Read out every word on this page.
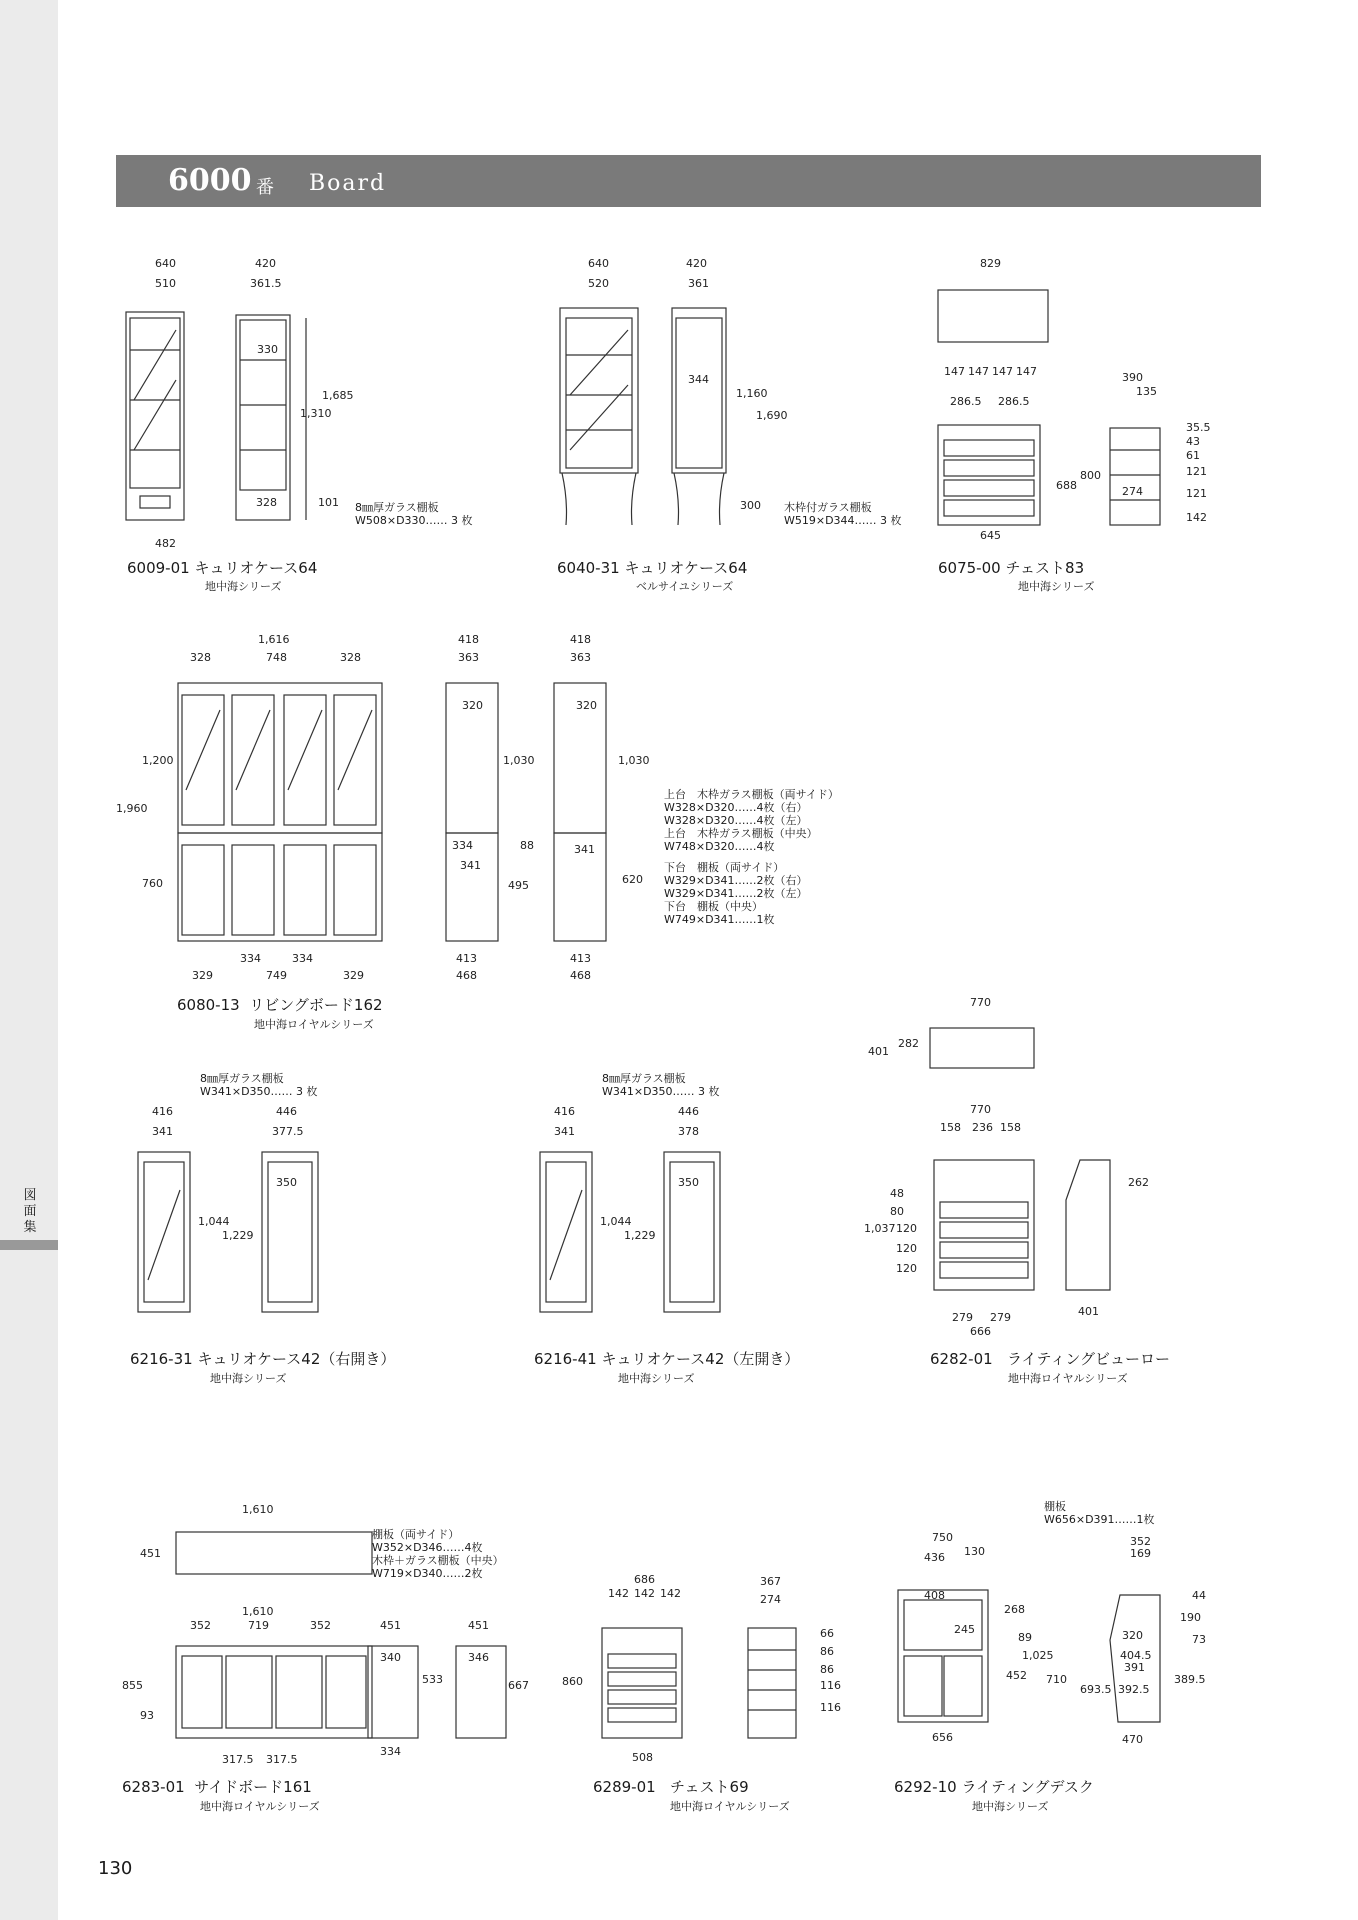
図面集
6000 番 Board
640
510
420
361.5
330
1,685
1,310
328	101
482
640
520
420
361
344
1,160
1,690
300
829
147 147 147 147
286.5 286.5
390
135
35.5
43
61
121
121
142
688
800
274
645
1,616
328	748	328
1,200
1,960
760
334	334
329	749	329
418
363
320
1,030
334	88
341
495
413
468
418
363
320
1,030
341
620
413
468
416
341
446
377.5
350
1,044
1,229
416
341
446
378
350
1,044
1,229
770
401
282
770
158 236 158
262
48
80
1,037 120
120
120
279 279
666
401
1,610
451
1,610
352	719	352
855
93
317.5 317.5
451
340
533
334
451
346
667
686
142 142 142
860
508
367
274
66
86
86
116
116
750
436 130
408
268
245
89
1,025
452
656
352
169
44
190
320	73
404.5
391
710
693.5 392.5
389.5
470
8㎜厚ガラス棚板
W508×D330…… 3 枚
木枠付ガラス棚板
W519×D344…… 3 枚
上台　木枠ガラス棚板（両サイド）
W328×D320……4枚（右）
W328×D320……4枚（左）
上台　木枠ガラス棚板（中央）
W748×D320……4枚
下台　棚板（両サイド）
W329×D341……2枚（右）
W329×D341……2枚（左）
下台　棚板（中央）
W749×D341……1枚
8㎜厚ガラス棚板
W341×D350…… 3 枚
8㎜厚ガラス棚板
W341×D350…… 3 枚
棚板（両サイド）
W352×D346……4枚
木枠＋ガラス棚板（中央）
W719×D340……2枚
棚板
W656×D391……1枚
6009-01 キュリオケース64
地中海シリーズ
6040-31 キュリオケース64
ベルサイユシリーズ
6075-00 チェスト83
地中海シリーズ
6080-13 リビングボード162
地中海ロイヤルシリーズ
6216-31 キュリオケース42（右開き）
地中海シリーズ
6216-41 キュリオケース42（左開き）
地中海シリーズ
6282-01 ライティングビューロー
地中海ロイヤルシリーズ
6283-01 サイドボード161
地中海ロイヤルシリーズ
6289-01 チェスト69
地中海ロイヤルシリーズ
6292-10 ライティングデスク
地中海シリーズ
130
